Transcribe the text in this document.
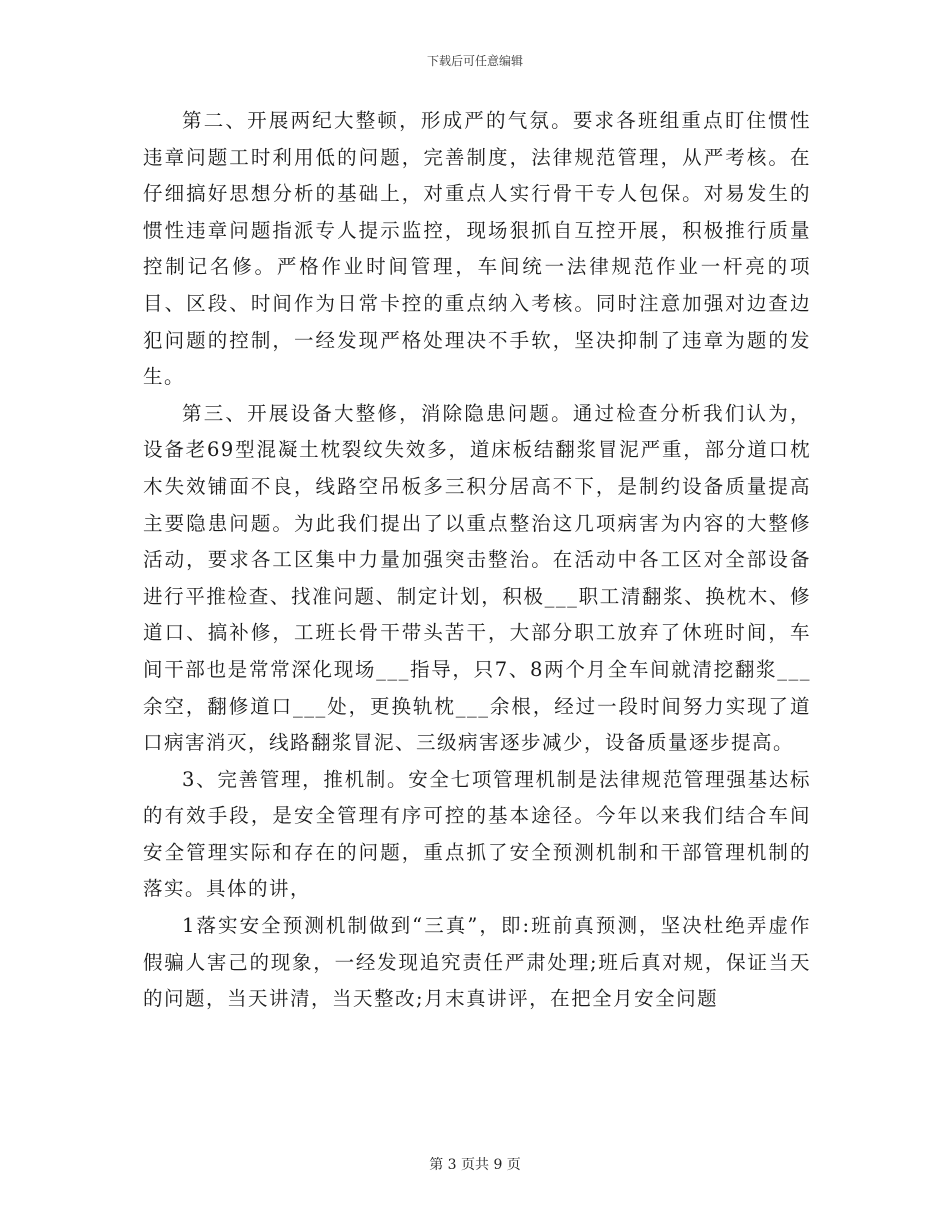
下载后可任意编辑

第二、开展两纪大整顿，形成严的气氛。要求各班组重点盯住惯性违章问题工时利用低的问题，完善制度，法律规范管理，从严考核。在仔细搞好思想分析的基础上，对重点人实行骨干专人包保。对易发生的惯性违章问题指派专人提示监控，现场狠抓自互控开展，积极推行质量控制记名修。严格作业时间管理，车间统一法律规范作业一杆亮的项目、区段、时间作为日常卡控的重点纳入考核。同时注意加强对边查边犯问题的控制，一经发现严格处理决不手软，坚决抑制了违章为题的发生。

第三、开展设备大整修，消除隐患问题。通过检查分析我们认为，设备老69型混凝土枕裂纹失效多，道床板结翻浆冒泥严重，部分道口枕木失效铺面不良，线路空吊板多三积分居高不下，是制约设备质量提高主要隐患问题。为此我们提出了以重点整治这几项病害为内容的大整修活动，要求各工区集中力量加强突击整治。在活动中各工区对全部设备进行平推检查、找准问题、制定计划，积极___职工清翻浆、换枕木、修道口、搞补修，工班长骨干带头苦干，大部分职工放弃了休班时间，车间干部也是常常深化现场___指导，只7、8两个月全车间就清挖翻浆___余空，翻修道口___处，更换轨枕___余根，经过一段时间努力实现了道口病害消灭，线路翻浆冒泥、三级病害逐步减少，设备质量逐步提高。

3、完善管理，推机制。安全七项管理机制是法律规范管理强基达标的有效手段，是安全管理有序可控的基本途径。今年以来我们结合车间安全管理实际和存在的问题，重点抓了安全预测机制和干部管理机制的落实。具体的讲，

1落实安全预测机制做到“三真”，即:班前真预测，坚决杜绝弄虚作假骗人害己的现象，一经发现追究责任严肃处理;班后真对规，保证当天的问题，当天讲清，当天整改;月末真讲评，在把全月安全问题

第 3 页共 9 页
